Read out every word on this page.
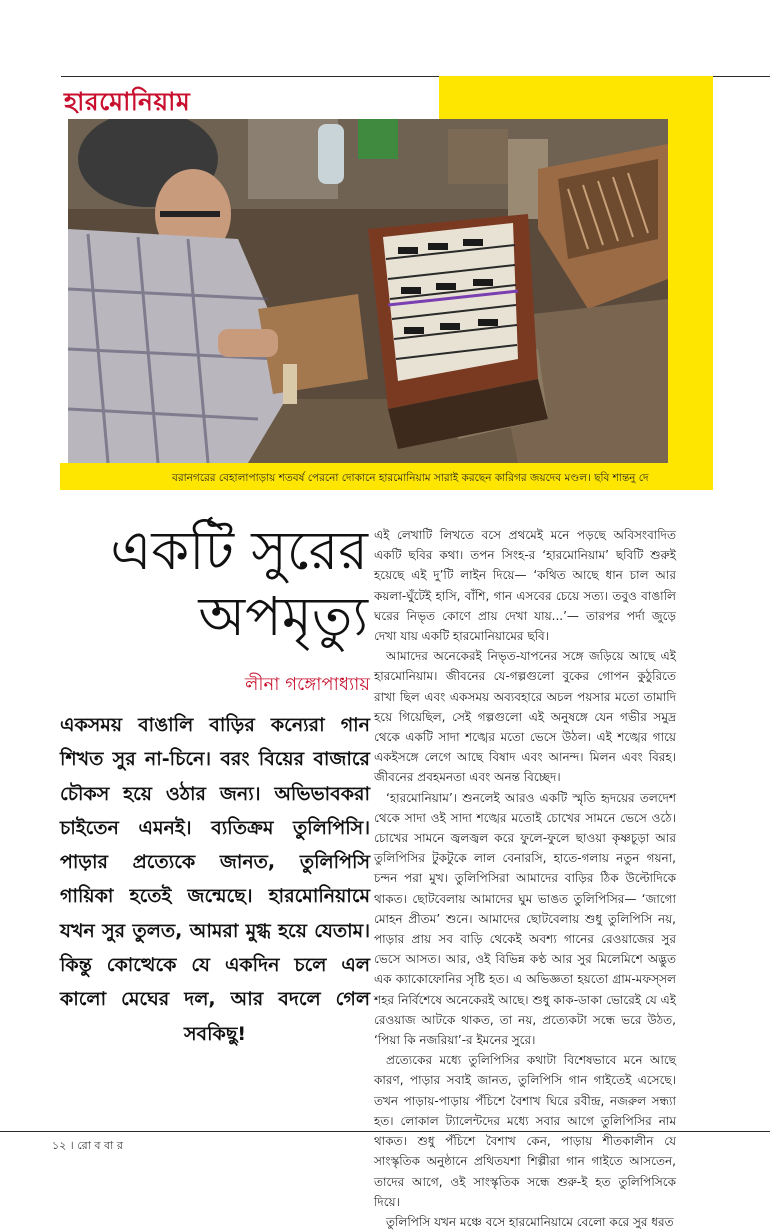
হারমোনিয়াম
বরানগরের বেহালাপাড়ায় শতবর্ষ পেরনো দোকানে হারমোনিয়াম সারাই করছেন কারিগর জয়দেব মণ্ডল। ছবি শান্তনু দে
একটি সুরের
অপমৃত্যু
লীনা গঙ্গোপাধ্যায়
একসময় বাঙালি বাড়ির কন্যেরা গান শিখত সুর না-চিনে। বরং বিয়ের বাজারে চৌকস হয়ে ওঠার জন্য। অভিভাবকরা চাইতেন এমনই। ব্যতিক্রম তুলিপিসি। পাড়ার প্রত্যেকে জানত, তুলিপিসি গায়িকা হতেই জন্মেছে। হারমোনিয়ামে যখন সুর তুলত, আমরা মুগ্ধ হয়ে যেতাম। কিন্তু কোত্থেকে যে একদিন চলে এল কালো মেঘের দল, আর বদলে গেল সবকিছু!

এই লেখাটি লিখতে বসে প্রথমেই মনে পড়ছে অবিসংবাদিত একটি ছবির কথা। তপন সিংহ-র ‘হারমোনিয়াম’ ছবিটি শুরুই হয়েছে এই দু’টি লাইন দিয়ে— ‘কথিত আছে ধান চাল আর কয়লা-ঘুঁটেই হাসি, বাঁশি, গান এসবের চেয়ে সত্য। তবুও বাঙালি ঘরের নিভৃত কোণে প্রায় দেখা যায়...’— তারপর পর্দা জুড়ে দেখা যায় একটি হারমোনিয়ামের ছবি।

আমাদের অনেকেরই নিভৃত-যাপনের সঙ্গে জড়িয়ে আছে এই হারমোনিয়াম। জীবনের যে-গল্পগুলো বুকের গোপন কুঠুরিতে রাখা ছিল এবং একসময় অব্যবহারে অচল পয়সার মতো তামাদি হয়ে গিয়েছিল, সেই গল্পগুলো এই অনুষঙ্গে যেন গভীর সমুদ্র থেকে একটি সাদা শঙ্খের মতো ভেসে উঠল। এই শঙ্খের গায়ে একইসঙ্গে লেগে আছে বিষাদ এবং আনন্দ। মিলন এবং বিরহ। জীবনের প্রবহমনতা এবং অনন্ত বিচ্ছেদ।

‘হারমোনিয়াম’। শুনলেই আরও একটি স্মৃতি হৃদয়ের তলদেশ থেকে সাদা ওই সাদা শঙ্খের মতোই চোখের সামনে ভেসে ওঠে। চোখের সামনে জ্বলজ্বল করে ফুলে-ফুলে ছাওয়া কৃষ্ণচূড়া আর তুলিপিসির টুকটুকে লাল বেনারসি, হাতে-গলায় নতুন গয়না, চন্দন পরা মুখ। তুলিপিসিরা আমাদের বাড়ির ঠিক উল্টোদিকে থাকত। ছোটবেলায় আমাদের ঘুম ভাঙত তুলিপিসির— ‘জাগো মোহন প্রীতম’ শুনে। আমাদের ছোটবেলায় শুধু তুলিপিসি নয়, পাড়ার প্রায় সব বাড়ি থেকেই অবশ্য গানের রেওয়াজের সুর ভেসে আসত। আর, ওই বিভিন্ন কণ্ঠ আর সুর মিলেমিশে অদ্ভুত এক ক্যাকোফোনির সৃষ্টি হত। এ অভিজ্ঞতা হয়তো গ্রাম-মফস্সল শহর নির্বিশেষে অনেকেরই আছে। শুধু কাক-ডাকা ভোরেই যে এই রেওয়াজ আটকে থাকত, তা নয়, প্রত্যেকটা সন্ধে ভরে উঠত, ‘পিয়া কি নজরিয়া’-র ইমনের সুরে।

প্রত্যেকের মধ্যে তুলিপিসির কথাটা বিশেষভাবে মনে আছে কারণ, পাড়ার সবাই জানত, তুলিপিসি গান গাইতেই এসেছে। তখন পাড়ায়-পাড়ায় পঁচিশে বৈশাখ ঘিরে রবীন্দ্র, নজরুল সন্ধ্যা হত। লোকাল ট্যালেন্টদের মধ্যে সবার আগে তুলিপিসির নাম থাকত। শুধু পঁচিশে বৈশাখ কেন, পাড়ায় শীতকালীন যে সাংস্কৃতিক অনুষ্ঠানে প্রথিতযশা শিল্পীরা গান গাইতে আসতেন, তাদের আগে, ওই সাংস্কৃতিক সন্ধে শুরু-ই হত তুলিপিসিকে দিয়ে।

তুলিপিসি যখন মঞ্চে বসে হারমোনিয়ামে বেলো করে সুর ধরত

১২ । রো ব বা র
